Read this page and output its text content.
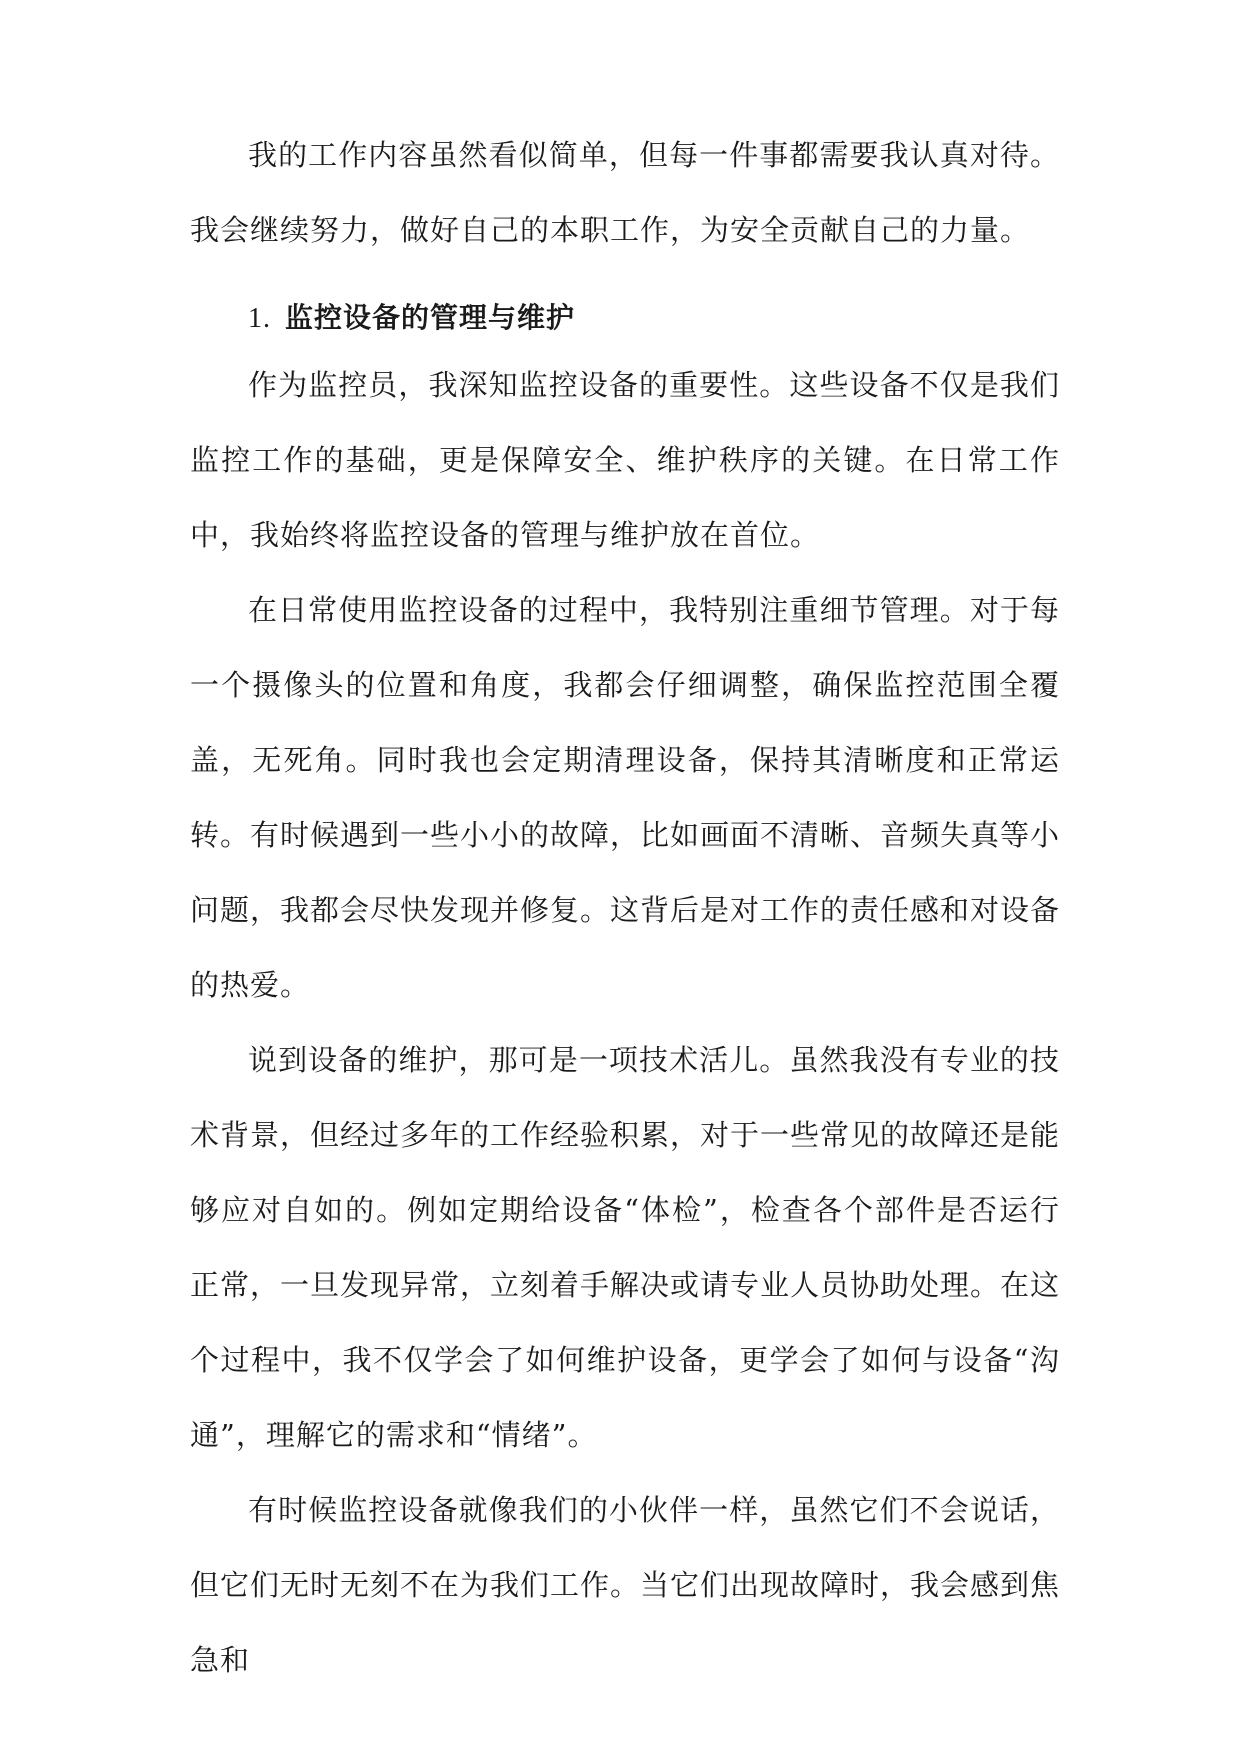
我的工作内容虽然看似简单，但每一件事都需要我认真对待。我会继续努力，做好自己的本职工作，为安全贡献自己的力量。

1. 监控设备的管理与维护

作为监控员，我深知监控设备的重要性。这些设备不仅是我们监控工作的基础，更是保障安全、维护秩序的关键。在日常工作中，我始终将监控设备的管理与维护放在首位。

在日常使用监控设备的过程中，我特别注重细节管理。对于每一个摄像头的位置和角度，我都会仔细调整，确保监控范围全覆盖，无死角。同时我也会定期清理设备，保持其清晰度和正常运转。有时候遇到一些小小的故障，比如画面不清晰、音频失真等小问题，我都会尽快发现并修复。这背后是对工作的责任感和对设备的热爱。

说到设备的维护，那可是一项技术活儿。虽然我没有专业的技术背景，但经过多年的工作经验积累，对于一些常见的故障还是能够应对自如的。例如定期给设备“体检”，检查各个部件是否运行正常，一旦发现异常，立刻着手解决或请专业人员协助处理。在这个过程中，我不仅学会了如何维护设备，更学会了如何与设备“沟通”，理解它的需求和“情绪”。

有时候监控设备就像我们的小伙伴一样，虽然它们不会说话，但它们无时无刻不在为我们工作。当它们出现故障时，我会感到焦急和
